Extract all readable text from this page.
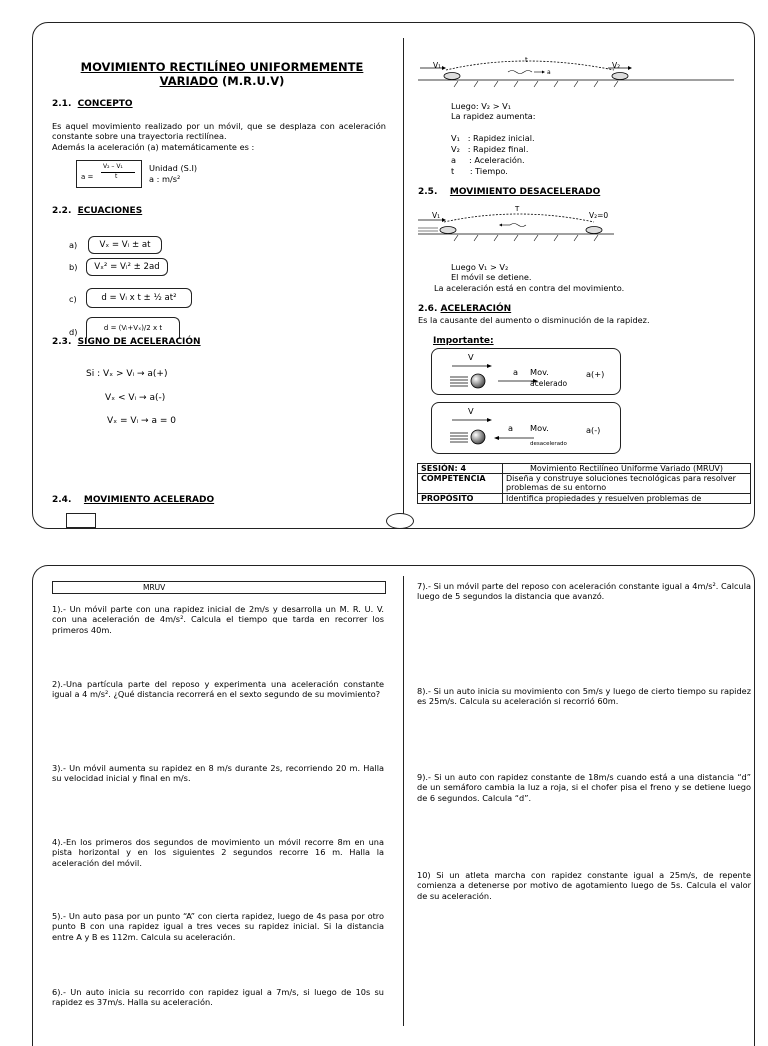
MOVIMIENTO RECTILÍNEO UNIFORMEMENTE
VARIADO (M.R.U.V)
2.1. CONCEPTO
Es aquel movimiento realizado por un móvil, que se desplaza con aceleración constante sobre una trayectoria rectilínea.
Además la aceleración (a) matemáticamente es :
a =
V₂ – V₁
t
Unidad (S.I)
a : m/s²
2.2. ECUACIONES
a)	Vₓ = Vᵢ ± at
b)	Vₓ² = Vᵢ² ± 2ad
c)	d = Vᵢ x t ± ½ at²
d)	d = (Vᵢ+Vₓ)/2 x t
2.3. SIGNO DE ACELERACIÓN
Si : Vₓ > Vᵢ → a(+)
Vₓ < Vᵢ → a(-)
Vₓ = Vᵢ → a = 0
2.4. MOVIMIENTO ACELERADO
V₁
t
a
V₂
Luego: V₂ > V₁
La rapidez aumenta:
V₁   : Rapidez inicial.
V₂   : Rapidez final.
a     : Aceleración.
t      : Tiempo.
2.5. MOVIMIENTO DESACELERADO
V₁
T
V₂=0
Luego V₁ > V₂
El móvil se detiene.
La aceleración está en contra del movimiento.
2.6. ACELERACIÓN
Es la causante del aumento o disminución de la rapidez.
Importante:
V
a Mov.
acelerado
a(+)
V
a Mov.
desacelerado
a(-)
SESIÓN: 4	Movimiento Rectilíneo Uniforme Variado (MRUV)
COMPETENCIA	Diseña y construye soluciones tecnológicas para resolver problemas de su entorno
PROPÓSITO	Identifica propiedades y resuelven problemas de
MRUV
1).- Un móvil parte con una rapidez inicial de 2m/s y desarrolla un M. R. U. V. con una aceleración de 4m/s². Calcula el tiempo que tarda en recorrer los primeros 40m.
2).-Una partícula parte del reposo y experimenta una aceleración constante igual a 4 m/s². ¿Qué distancia recorrerá en el sexto segundo de su movimiento?
3).- Un móvil aumenta su rapidez en 8 m/s durante 2s, recorriendo 20 m. Halla su velocidad inicial y final en m/s.
4).-En los primeros dos segundos de movimiento un móvil recorre 8m en una pista horizontal y en los siguientes 2 segundos recorre 16 m. Halla la aceleración del móvil.
5).- Un auto pasa por un punto “A” con cierta rapidez, luego de 4s pasa por otro punto B con una rapidez igual a tres veces su rapidez inicial. Si la distancia entre A y B es 112m. Calcula su aceleración.
6).- Un auto inicia su recorrido con rapidez igual a 7m/s, si luego de 10s su rapidez es 37m/s. Halla su aceleración.
7).- Si un móvil parte del reposo con aceleración constante igual a 4m/s². Calcula luego de 5 segundos la distancia que avanzó.
8).- Si un auto inicia su movimiento con 5m/s y luego de cierto tiempo su rapidez es 25m/s. Calcula su aceleración si recorrió 60m.
9).- Si un auto con rapidez constante de 18m/s cuando está a una distancia “d” de un semáforo cambia la luz a roja, si el chofer pisa el freno y se detiene luego de 6 segundos. Calcula “d”.
10) Si un atleta marcha con rapidez constante igual a 25m/s, de repente comienza a detenerse por motivo de agotamiento luego de 5s. Calcula el valor de su aceleración.
